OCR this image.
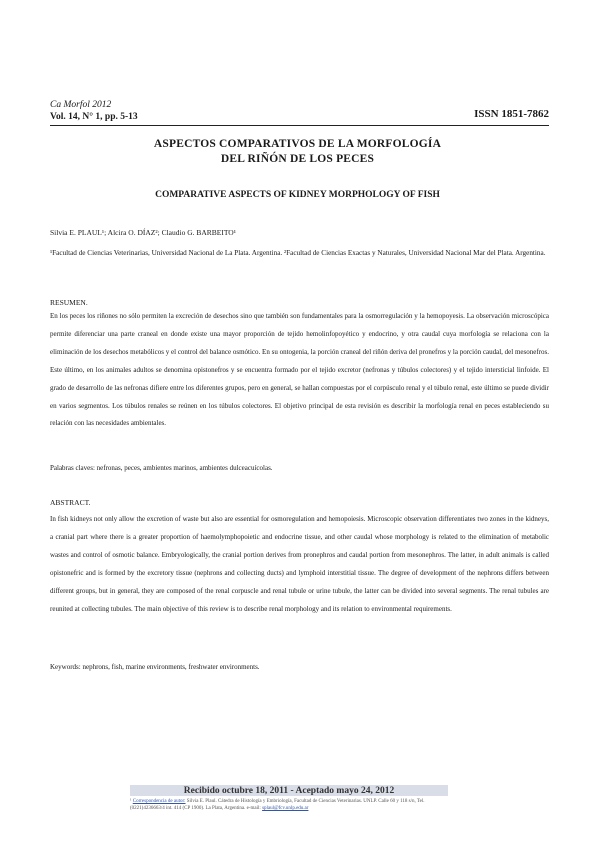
Ca Morfol 2012
Vol. 14, N° 1, pp. 5-13	ISSN 1851-7862
ASPECTOS COMPARATIVOS DE LA MORFOLOGÍA
DEL RIÑÓN DE LOS PECES
COMPARATIVE ASPECTS OF KIDNEY MORPHOLOGY OF FISH
Silvia E. PLAUL¹; Alcira O. DÍAZ²; Claudio G. BARBEITO¹
¹Facultad de Ciencias Veterinarias, Universidad Nacional de La Plata. Argentina. ²Facultad de Ciencias Exactas y Naturales, Universidad Nacional Mar del Plata. Argentina.
RESUMEN.
En los peces los riñones no sólo permiten la excreción de desechos sino que también son fundamentales para la osmorregulación y la hemopoyesis. La observación microscópica permite diferenciar una parte craneal en donde existe una mayor proporción de tejido hemolinfopoyético y endocrino, y otra caudal cuya morfología se relaciona con la eliminación de los desechos metabólicos y el control del balance osmótico. En su ontogenia, la porción craneal del riñón deriva del pronefros y la porción caudal, del mesonefros. Este último, en los animales adultos se denomina opistonefros y se encuentra formado por el tejido excretor (nefronas y túbulos colectores) y el tejido intersticial linfoide. El grado de desarrollo de las nefronas difiere entre los diferentes grupos, pero en general, se hallan compuestas por el corpúsculo renal y el túbulo renal, este último se puede dividir en varios segmentos. Los túbulos renales se reúnen en los túbulos colectores. El objetivo principal de esta revisión es describir la morfología renal en peces estableciendo su relación con las necesidades ambientales.
Palabras claves: nefronas, peces, ambientes marinos, ambientes dulceacuícolas.
ABSTRACT.
In fish kidneys not only allow the excretion of waste but also are essential for osmoregulation and hemopoiesis. Microscopic observation differentiates two zones in the kidneys, a cranial part where there is a greater proportion of haemolymphopoietic and endocrine tissue, and other caudal whose morphology is related to the elimination of metabolic wastes and control of osmotic balance. Embryologically, the cranial portion derives from pronephros and caudal portion from mesonephros. The latter, in adult animals is called opistonefric and is formed by the excretory tissue (nephrons and collecting ducts) and lymphoid interstitial tissue. The degree of development of the nephrons differs between different groups, but in general, they are composed of the renal corpuscle and renal tubule or urine tubule, the latter can be divided into several segments. The renal tubules are reunited at collecting tubules. The main objective of this review is to describe renal morphology and its relation to environmental requirements.
Keywords: nephrons, fish, marine environments, freshwater environments.
Recibido octubre 18, 2011 - Aceptado mayo 24, 2012
¹ Correspondencia de autor: Silvia E. Plaul. Cátedra de Histología y Embriología, Facultad de Ciencias Veterinarias. UNLP. Calle 60 y 118 s/n, Tel. (0221)4236663/4 int. 414 (CP 1900). La Plata, Argentina. e-mail: splaul@fcv.unlp.edu.ar
